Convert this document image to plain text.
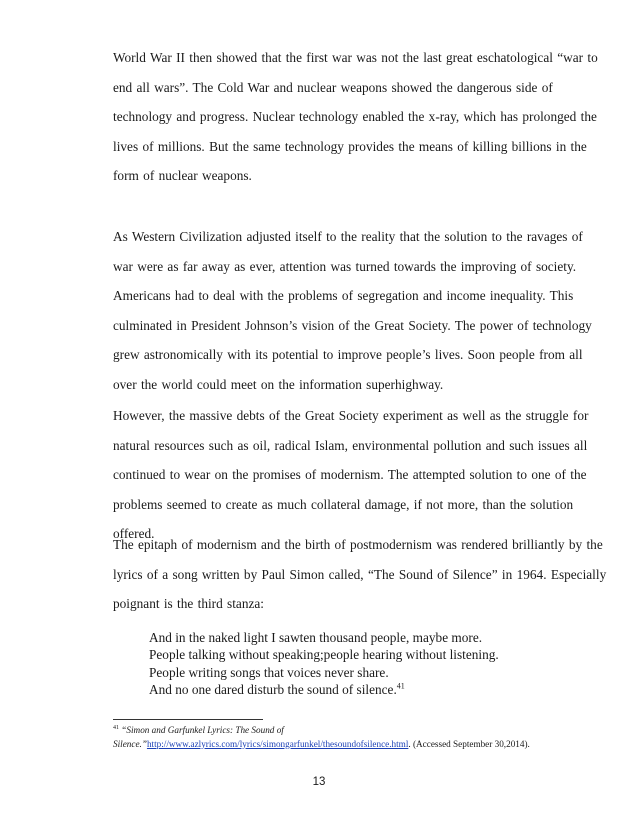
World War II then showed that the first war was not the last great eschatological “war to
end all wars”. The Cold War and nuclear weapons showed the dangerous side of
technology and progress. Nuclear technology enabled the x-ray, which has prolonged the
lives of millions. But the same technology provides the means of killing billions in the
form of nuclear weapons.
As Western Civilization adjusted itself to the reality that the solution to the ravages of
war were as far away as ever, attention was turned towards the improving of society.
Americans had to deal with the problems of segregation and income inequality. This
culminated in President Johnson’s vision of the Great Society. The power of technology
grew astronomically with its potential to improve people’s lives. Soon people from all
over the world could meet on the information superhighway.
However, the massive debts of the Great Society experiment as well as the struggle for
natural resources such as oil, radical Islam, environmental pollution and such issues all
continued to wear on the promises of modernism. The attempted solution to one of the
problems seemed to create as much collateral damage, if not more, than the solution
offered.
The epitaph of modernism and the birth of postmodernism was rendered brilliantly by the
lyrics of a song written by Paul Simon called, “The Sound of Silence” in 1964. Especially
poignant is the third stanza:
And in the naked light I sawten thousand people, maybe more.
People talking without speaking;people hearing without listening.
People writing songs that voices never share.
And no one dared disturb the sound of silence.$^{41}$
$^{41}$ “Simon and Garfunkel Lyrics: The Sound of
Silence.”http://www.azlyrics.com/lyrics/simongarfunkel/thesoundofsilence.html. (Accessed September 30,2014).
13
